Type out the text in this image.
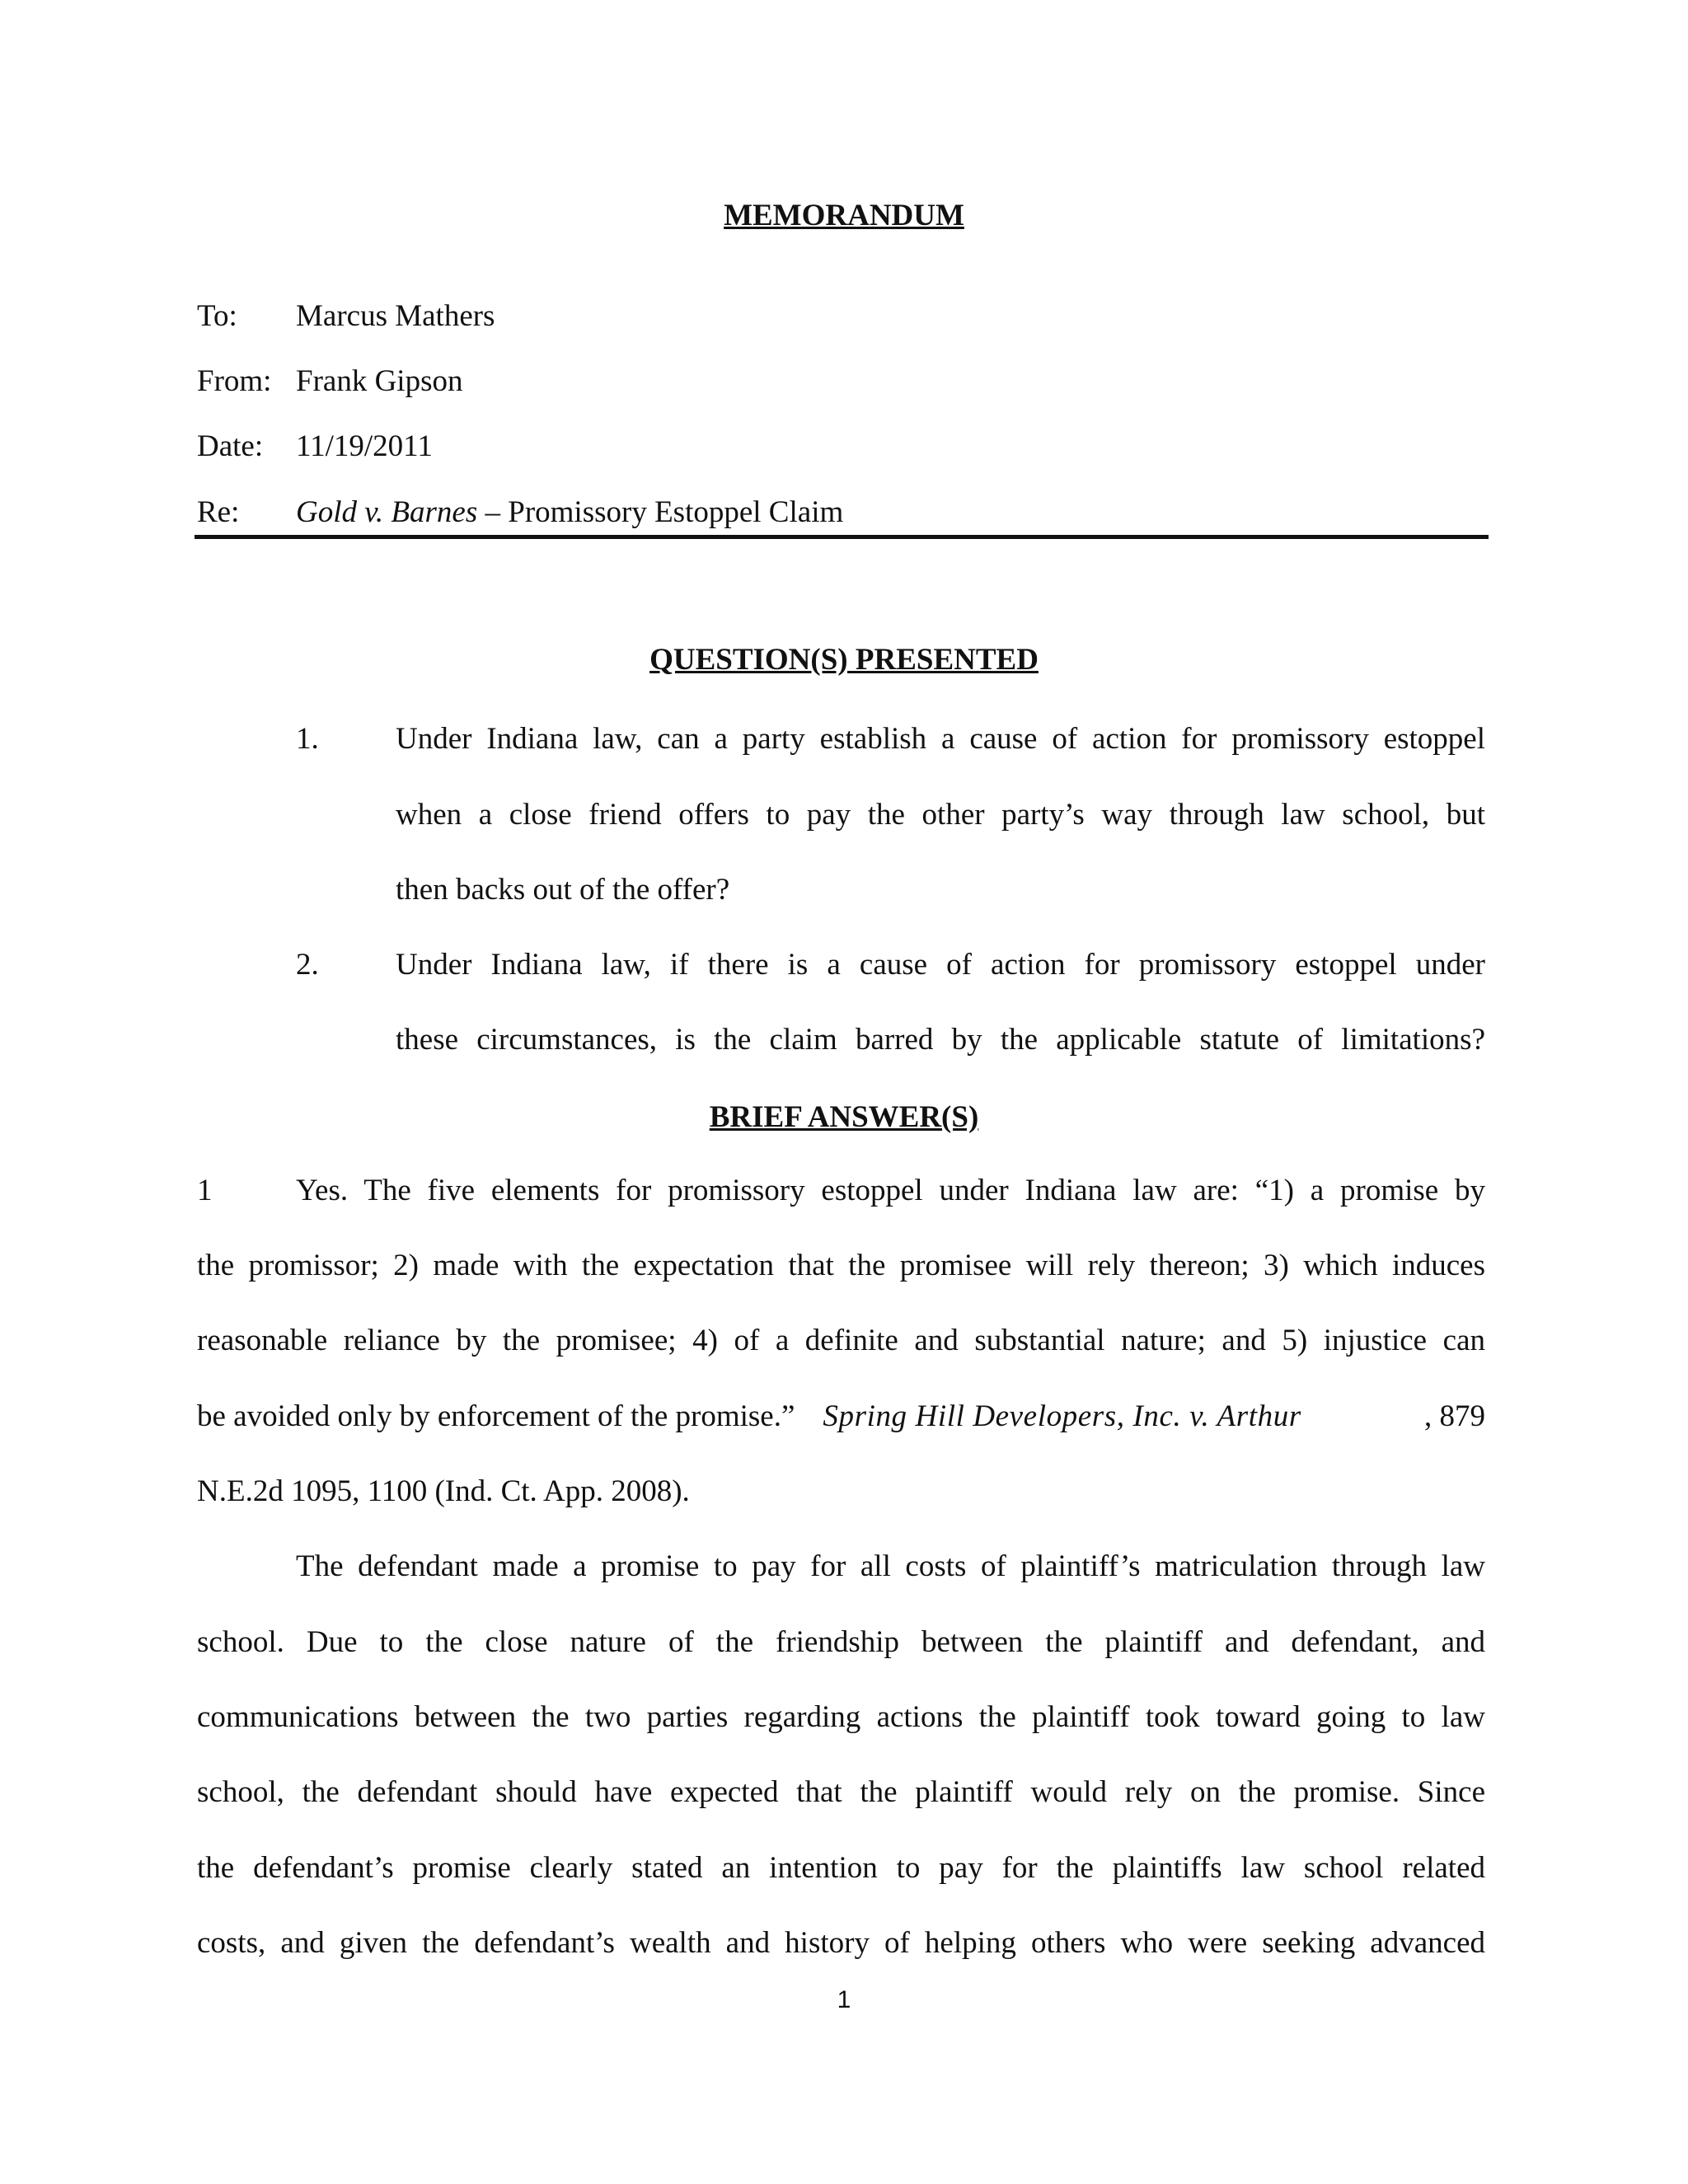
MEMORANDUM
To: Marcus Mathers
From: Frank Gipson
Date: 11/19/2011
Re: Gold v. Barnes – Promissory Estoppel Claim
QUESTION(S) PRESENTED
1.	Under Indiana law, can a party establish a cause of action for promissory estoppel
when a close friend offers to pay the other party’s way through law school, but
then backs out of the offer?
2.	Under Indiana law, if there is a cause of action for promissory estoppel under
these circumstances, is the claim barred by the applicable statute of limitations?
BRIEF ANSWER(S)
1	Yes. The five elements for promissory estoppel under Indiana law are: “1) a promise by
the promissor; 2) made with the expectation that the promisee will rely thereon; 3) which induces
reasonable reliance by the promisee; 4) of a definite and substantial nature; and 5) injustice can
be avoided only by enforcement of the promise.” Spring Hill Developers, Inc. v. Arthur	, 879
N.E.2d 1095, 1100 (Ind. Ct. App. 2008).
The defendant made a promise to pay for all costs of plaintiff’s matriculation through law
school. Due to the close nature of the friendship between the plaintiff and defendant, and
communications between the two parties regarding actions the plaintiff took toward going to law
school, the defendant should have expected that the plaintiff would rely on the promise. Since
the defendant’s promise clearly stated an intention to pay for the plaintiffs law school related
costs, and given the defendant’s wealth and history of helping others who were seeking advanced
1
